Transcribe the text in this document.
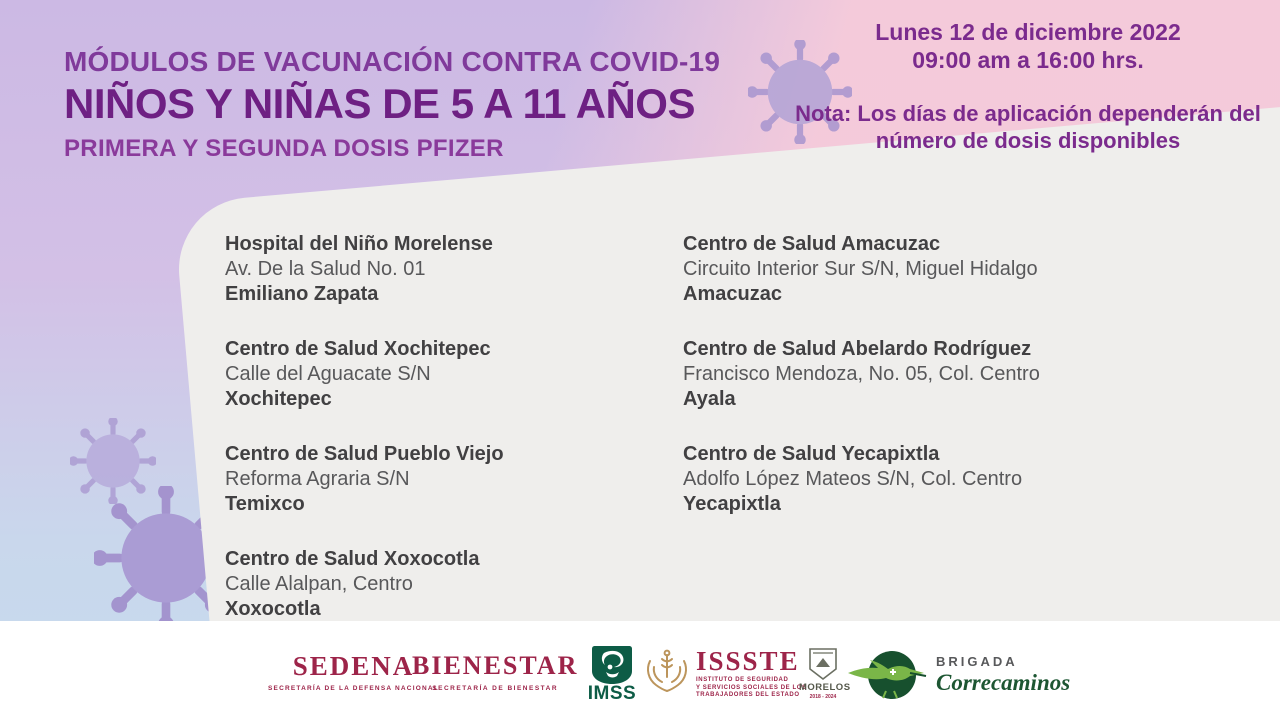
MÓDULOS DE VACUNACIÓN CONTRA COVID-19
NIÑOS Y NIÑAS DE 5 A 11 AÑOS
PRIMERA Y SEGUNDA DOSIS PFIZER
Lunes 12 de diciembre 2022
09:00 am a 16:00 hrs.
Nota: Los días de aplicación dependerán del número de dosis disponibles
Hospital del Niño Morelense
Av. De la Salud No. 01
Emiliano Zapata
Centro de Salud Xochitepec
Calle del Aguacate S/N
Xochitepec
Centro de Salud Pueblo Viejo
Reforma Agraria S/N
Temixco
Centro de Salud Xoxocotla
Calle Alalpan, Centro
Xoxocotla
Centro de Salud Amacuzac
Circuito Interior Sur S/N, Miguel Hidalgo
Amacuzac
Centro de Salud Abelardo Rodríguez
Francisco Mendoza, No. 05, Col. Centro
Ayala
Centro de Salud Yecapixtla
Adolfo López Mateos S/N, Col. Centro
Yecapixtla
SEDENA
SECRETARÍA DE LA DEFENSA NACIONAL
BIENESTAR
SECRETARÍA DE BIENESTAR	IMSS
ISSSTE
INSTITUTO DE SEGURIDAD
Y SERVICIOS SOCIALES DE LOS
TRABAJADORES DEL ESTADO
MORELOS
2018 - 2024
BRIGADA
Correcaminos
